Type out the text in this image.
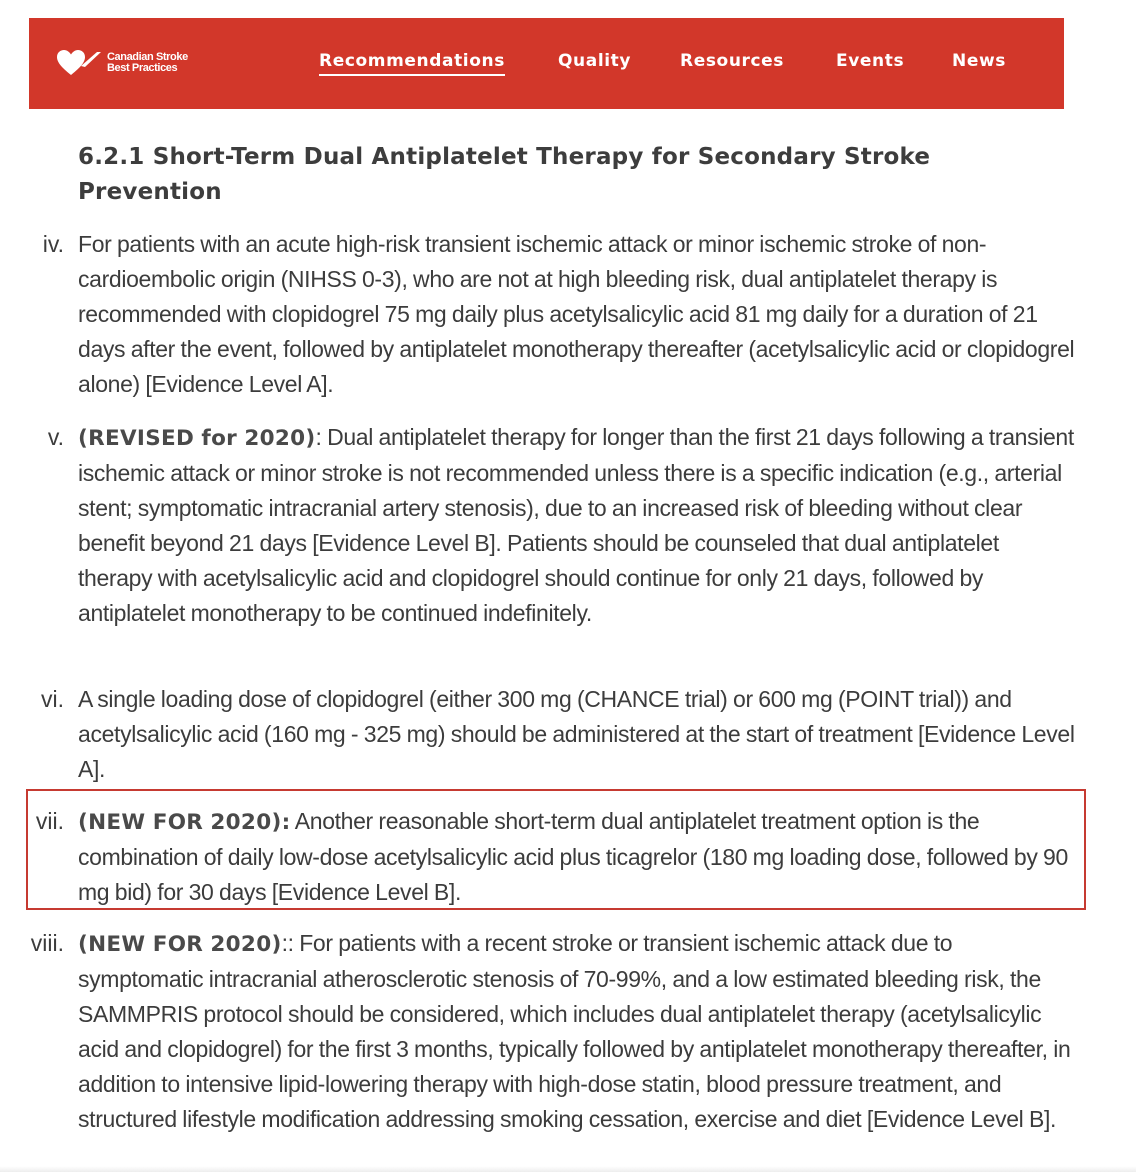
Canadian Stroke
Best Practices	Recommendations	Quality	Resources	Events	News
6.2.1 Short-Term Dual Antiplatelet Therapy for Secondary Stroke Prevention
iv. For patients with an acute high-risk transient ischemic attack or minor ischemic stroke of non-cardioembolic origin (NIHSS 0-3), who are not at high bleeding risk, dual antiplatelet therapy is recommended with clopidogrel 75 mg daily plus acetylsalicylic acid 81 mg daily for a duration of 21 days after the event, followed by antiplatelet monotherapy thereafter (acetylsalicylic acid or clopidogrel alone) [Evidence Level A].

v. (REVISED for 2020): Dual antiplatelet therapy for longer than the first 21 days following a transient ischemic attack or minor stroke is not recommended unless there is a specific indication (e.g., arterial stent; symptomatic intracranial artery stenosis), due to an increased risk of bleeding without clear benefit beyond 21 days [Evidence Level B]. Patients should be counseled that dual antiplatelet therapy with acetylsalicylic acid and clopidogrel should continue for only 21 days, followed by antiplatelet monotherapy to be continued indefinitely.

vi. A single loading dose of clopidogrel (either 300 mg (CHANCE trial) or 600 mg (POINT trial)) and acetylsalicylic acid (160 mg - 325 mg) should be administered at the start of treatment [Evidence Level A].

vii. (NEW FOR 2020): Another reasonable short-term dual antiplatelet treatment option is the combination of daily low-dose acetylsalicylic acid plus ticagrelor (180 mg loading dose, followed by 90 mg bid) for 30 days [Evidence Level B].

viii. (NEW FOR 2020):: For patients with a recent stroke or transient ischemic attack due to symptomatic intracranial atherosclerotic stenosis of 70-99%, and a low estimated bleeding risk, the SAMMPRIS protocol should be considered, which includes dual antiplatelet therapy (acetylsalicylic acid and clopidogrel) for the first 3 months, typically followed by antiplatelet monotherapy thereafter, in addition to intensive lipid-lowering therapy with high-dose statin, blood pressure treatment, and structured lifestyle modification addressing smoking cessation, exercise and diet [Evidence Level B].
